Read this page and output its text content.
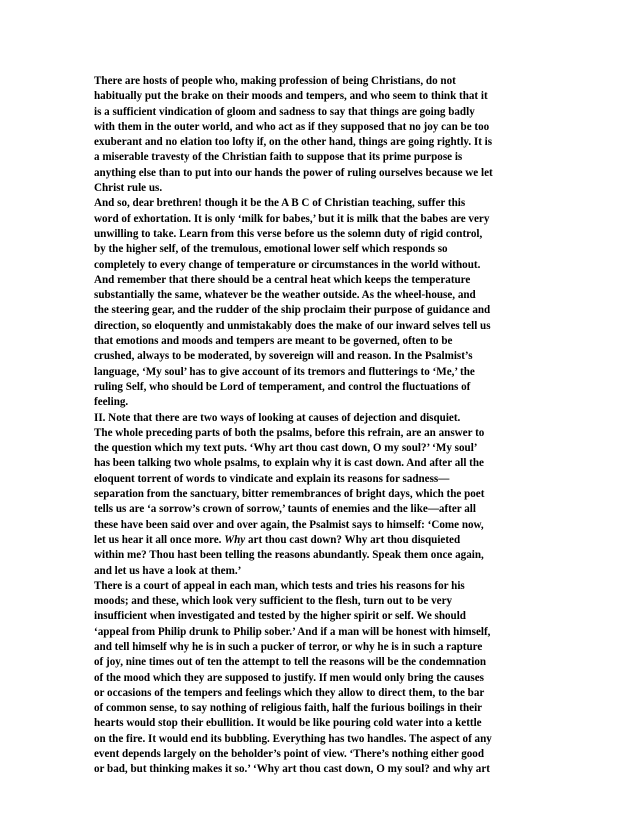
There are hosts of people who, making profession of being Christians, do not
habitually put the brake on their moods and tempers, and who seem to think that it
is a sufficient vindication of gloom and sadness to say that things are going badly
with them in the outer world, and who act as if they supposed that no joy can be too
exuberant and no elation too lofty if, on the other hand, things are going rightly. It is
a miserable travesty of the Christian faith to suppose that its prime purpose is
anything else than to put into our hands the power of ruling ourselves because we let
Christ rule us.

And so, dear brethren! though it be the A B C of Christian teaching, suffer this
word of exhortation. It is only ‘milk for babes,’ but it is milk that the babes are very
unwilling to take. Learn from this verse before us the solemn duty of rigid control,
by the higher self, of the tremulous, emotional lower self which responds so
completely to every change of temperature or circumstances in the world without.
And remember that there should be a central heat which keeps the temperature
substantially the same, whatever be the weather outside. As the wheel-house, and
the steering gear, and the rudder of the ship proclaim their purpose of guidance and
direction, so eloquently and unmistakably does the make of our inward selves tell us
that emotions and moods and tempers are meant to be governed, often to be
crushed, always to be moderated, by sovereign will and reason. In the Psalmist’s
language, ‘My soul’ has to give account of its tremors and flutterings to ‘Me,’ the
ruling Self, who should be Lord of temperament, and control the fluctuations of
feeling.

II. Note that there are two ways of looking at causes of dejection and disquiet.

The whole preceding parts of both the psalms, before this refrain, are an answer to
the question which my text puts. ‘Why art thou cast down, O my soul?’ ‘My soul’
has been talking two whole psalms, to explain why it is cast down. And after all the
eloquent torrent of words to vindicate and explain its reasons for sadness—
separation from the sanctuary, bitter remembrances of bright days, which the poet
tells us are ‘a sorrow’s crown of sorrow,’ taunts of enemies and the like—after all
these have been said over and over again, the Psalmist says to himself: ‘Come now,
let us hear it all once more. Why art thou cast down? Why art thou disquieted
within me? Thou hast been telling the reasons abundantly. Speak them once again,
and let us have a look at them.’

There is a court of appeal in each man, which tests and tries his reasons for his
moods; and these, which look very sufficient to the flesh, turn out to be very
insufficient when investigated and tested by the higher spirit or self. We should
‘appeal from Philip drunk to Philip sober.’ And if a man will be honest with himself,
and tell himself why he is in such a pucker of terror, or why he is in such a rapture
of joy, nine times out of ten the attempt to tell the reasons will be the condemnation
of the mood which they are supposed to justify. If men would only bring the causes
or occasions of the tempers and feelings which they allow to direct them, to the bar
of common sense, to say nothing of religious faith, half the furious boilings in their
hearts would stop their ebullition. It would be like pouring cold water into a kettle
on the fire. It would end its bubbling. Everything has two handles. The aspect of any
event depends largely on the beholder’s point of view. ‘There’s nothing either good
or bad, but thinking makes it so.’ ‘Why art thou cast down, O my soul? and why art
